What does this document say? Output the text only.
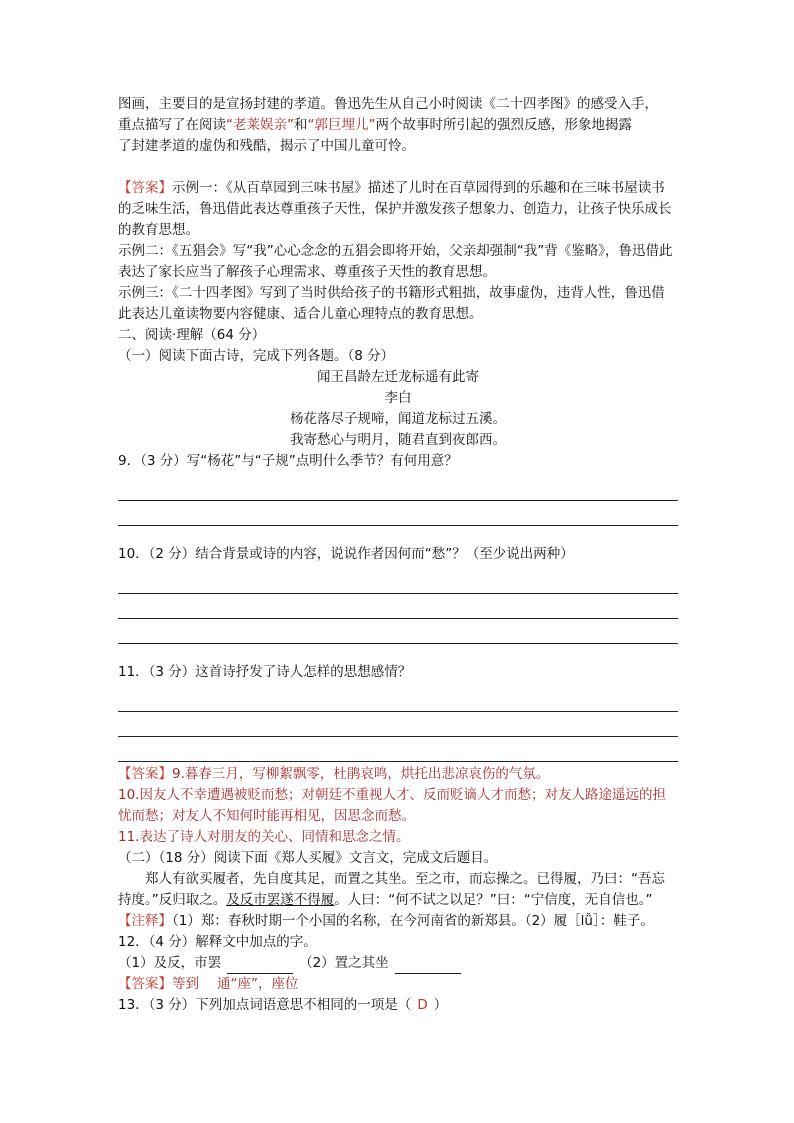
图画，主要目的是宣扬封建的孝道。鲁迅先生从自己小时阅读《二十四孝图》的感受入手，

重点描写了在阅读“老莱娱亲”和“郭巨埋儿”两个故事时所引起的强烈反感，形象地揭露

了封建孝道的虚伪和残酷，揭示了中国儿童可怜。

【答案】示例一：《从百草园到三味书屋》描述了儿时在百草园得到的乐趣和在三味书屋读书的乏味生活，鲁迅借此表达尊重孩子天性，保护并激发孩子想象力、创造力，让孩子快乐成长的教育思想。

示例二：《五猖会》写“我”心心念念的五猖会即将开始，父亲却强制“我”背《鉴略》，鲁迅借此表达了家长应当了解孩子心理需求、尊重孩子天性的教育思想。

示例三：《二十四孝图》写到了当时供给孩子的书籍形式粗拙，故事虚伪，违背人性，鲁迅借此表达儿童读物要内容健康、适合儿童心理特点的教育思想。

二、阅读·理解（64 分）

（一）阅读下面古诗，完成下列各题。（8 分）

闻王昌龄左迁龙标遥有此寄

李白

杨花落尽子规啼，闻道龙标过五溪。

我寄愁心与明月，随君直到夜郎西。

9．（3 分）写“杨花”与“子规”点明什么季节？有何用意？

10．（2 分）结合背景或诗的内容，说说作者因何而“愁”？（至少说出两种）

11．（3 分）这首诗抒发了诗人怎样的思想感情？

【答案】9.暮春三月，写柳絮飘零，杜鹃哀鸣，烘托出悲凉哀伤的气氛。

10.因友人不幸遭遇被贬而愁；对朝廷不重视人才、反而贬谪人才而愁；对友人路途遥远的担忧而愁；对友人不知何时能再相见，因思念而愁。

11.表达了诗人对朋友的关心、同情和思念之情。

（二）（18 分）阅读下面《郑人买履》文言文，完成文后题目。

郑人有欲买履者，先自度其足，而置之其坐。至之市，而忘操之。已得履，乃曰：“吾忘持度。”反归取之。及反市罢遂不得履。人曰：“何不试之以足？”曰：“宁信度，无自信也。”

【注释】（1）郑：春秋时期一个小国的名称，在今河南省的新郑县。（2）履［lǚ］：鞋子。

12．（4 分）解释文中加点的字。

（1）及反，市罢	（2）置之其坐

【答案】等到 通“座”，座位

13．（3 分）下列加点词语意思不相同的一项是（ D ）
